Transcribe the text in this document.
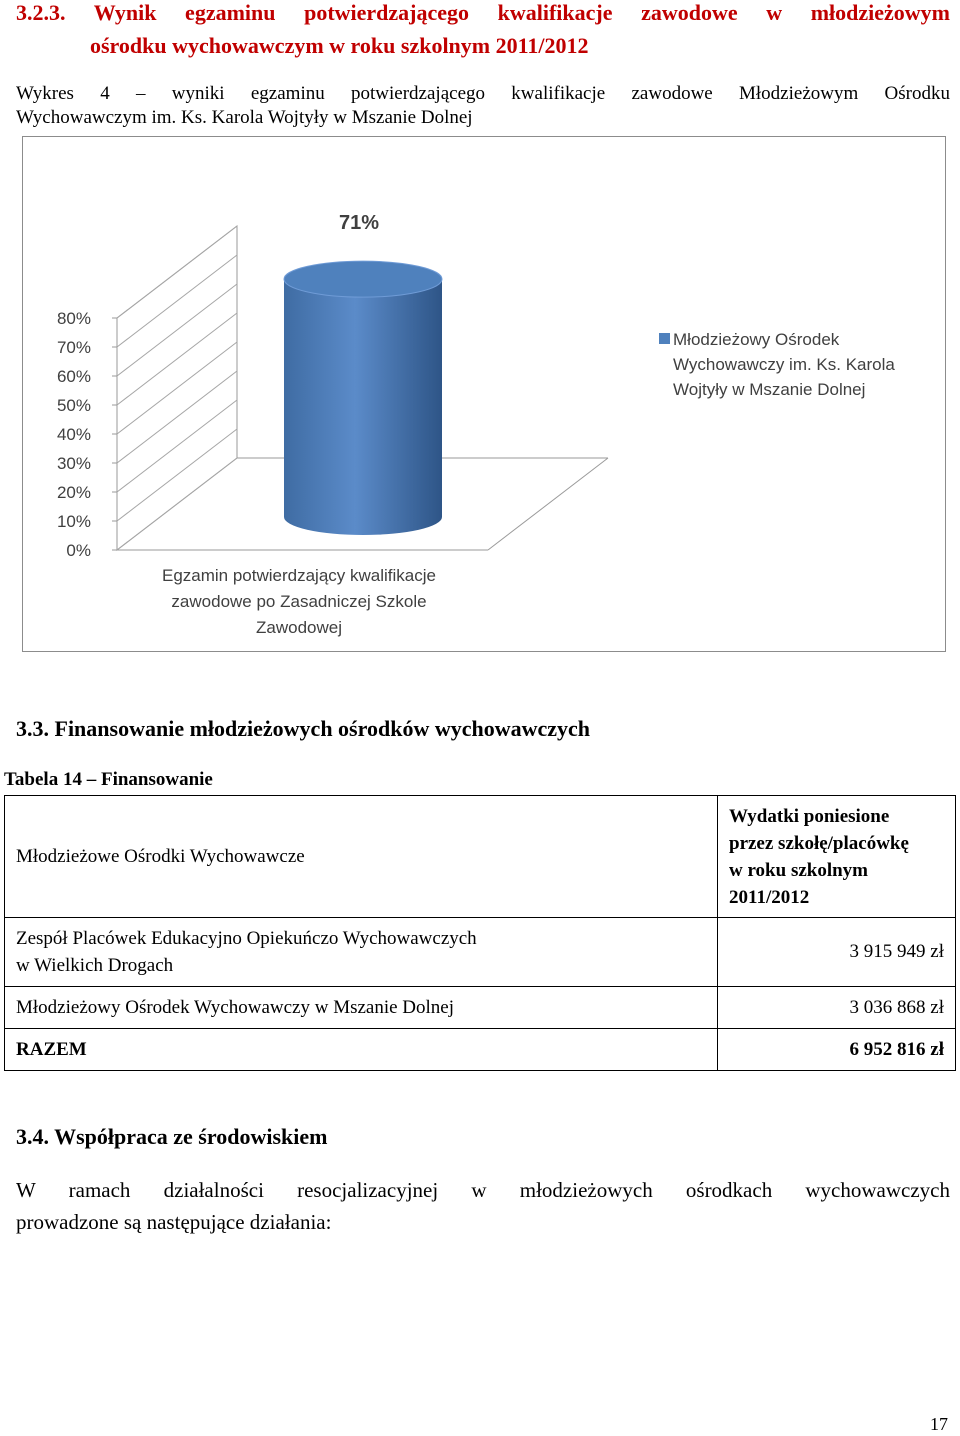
3.2.3. Wynik egzaminu potwierdzającego kwalifikacje zawodowe w młodzieżowym
ośrodku wychowawczym w roku szkolnym 2011/2012
Wykres 4 – wyniki egzaminu potwierdzającego kwalifikacje zawodowe Młodzieżowym Ośrodku
Wychowawczym im. Ks. Karola Wojtyły w Mszanie Dolnej
0%
10%
20%
30%
40%
50%
60%
70%
80%
71%
Egzamin potwierdzający kwalifikacje
zawodowe po Zasadniczej Szkole
Zawodowej
Młodzieżowy Ośrodek
Wychowawczy im. Ks. Karola
Wojtyły w Mszanie Dolnej
3.3. Finansowanie młodzieżowych ośrodków wychowawczych
Tabela 14 – Finansowanie
Młodzieżowe Ośrodki Wychowawcze	Wydatki poniesione
przez szkołę/placówkę
w roku szkolnym
2011/2012

Zespół Placówek Edukacyjno Opiekuńczo Wychowawczych
w Wielkich Drogach	3 915 949 zł
Młodzieżowy Ośrodek Wychowawczy w Mszanie Dolnej	3 036 868 zł
RAZEM	6 952 816 zł
3.4. Współpraca ze środowiskiem
W ramach działalności resocjalizacyjnej w młodzieżowych ośrodkach wychowawczych
prowadzone są następujące działania:
17
